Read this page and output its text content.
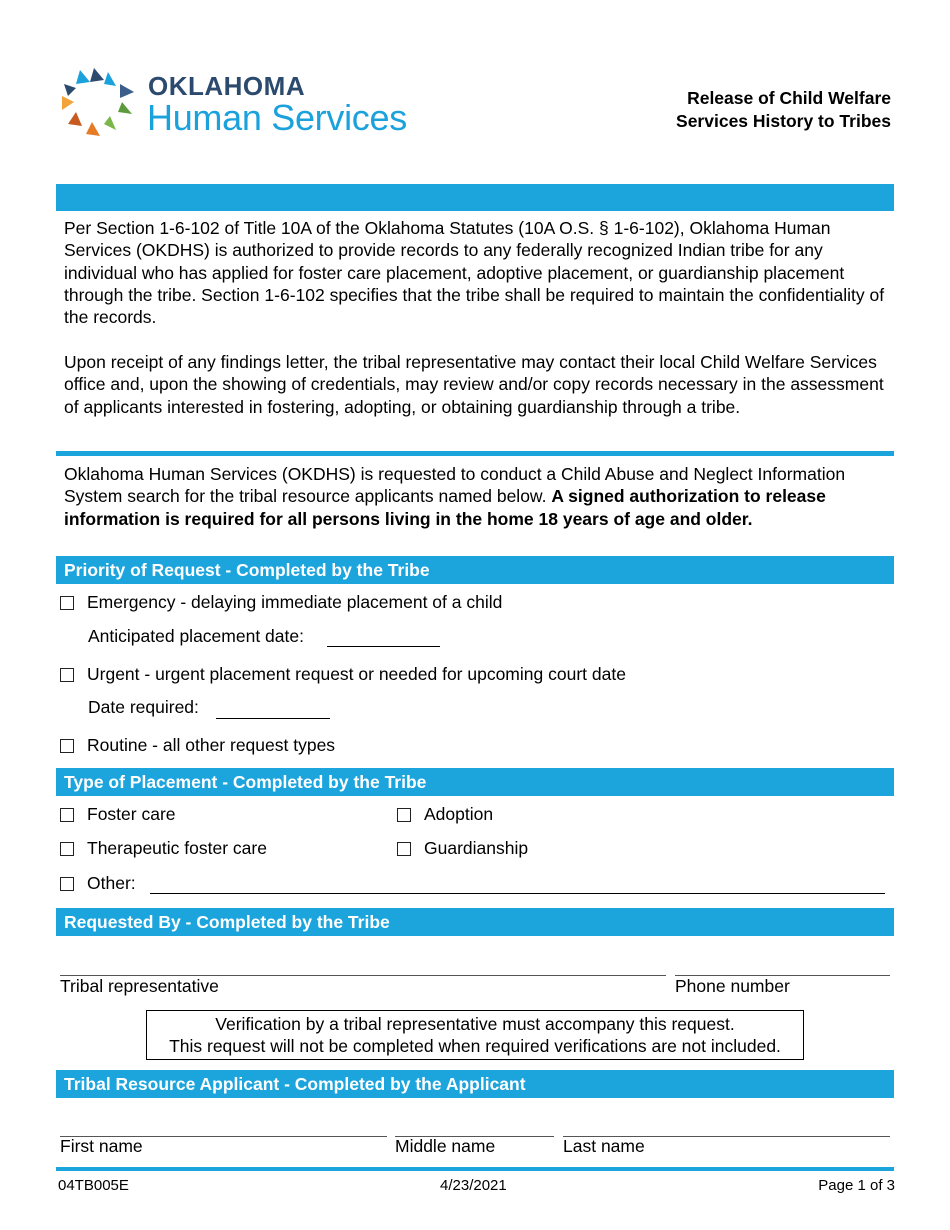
OKLAHOMA
Human Services	Release of Child Welfare
Services History to Tribes
Per Section 1-6-102 of Title 10A of the Oklahoma Statutes (10A O.S. § 1-6-102), Oklahoma Human Services (OKDHS) is authorized to provide records to any federally recognized Indian tribe for any individual who has applied for foster care placement, adoptive placement, or guardianship placement through the tribe. Section 1-6-102 specifies that the tribe shall be required to maintain the confidentiality of the records.
Upon receipt of any findings letter, the tribal representative may contact their local Child Welfare Services office and, upon the showing of credentials, may review and/or copy records necessary in the assessment of applicants interested in fostering, adopting, or obtaining guardianship through a tribe.
Oklahoma Human Services (OKDHS) is requested to conduct a Child Abuse and Neglect Information System search for the tribal resource applicants named below. A signed authorization to release information is required for all persons living in the home 18 years of age and older.
Priority of Request - Completed by the Tribe
Emergency - delaying immediate placement of a child
Anticipated placement date:
Urgent - urgent placement request or needed for upcoming court date
Date required:
Routine - all other request types
Type of Placement - Completed by the Tribe
Foster care	Adoption
Therapeutic foster care	Guardianship
Other:
Requested By - Completed by the Tribe
Tribal representative	Phone number
Verification by a tribal representative must accompany this request.
This request will not be completed when required verifications are not included.
Tribal Resource Applicant - Completed by the Applicant
First name	Middle name	Last name
04TB005E	4/23/2021	Page 1 of 3
